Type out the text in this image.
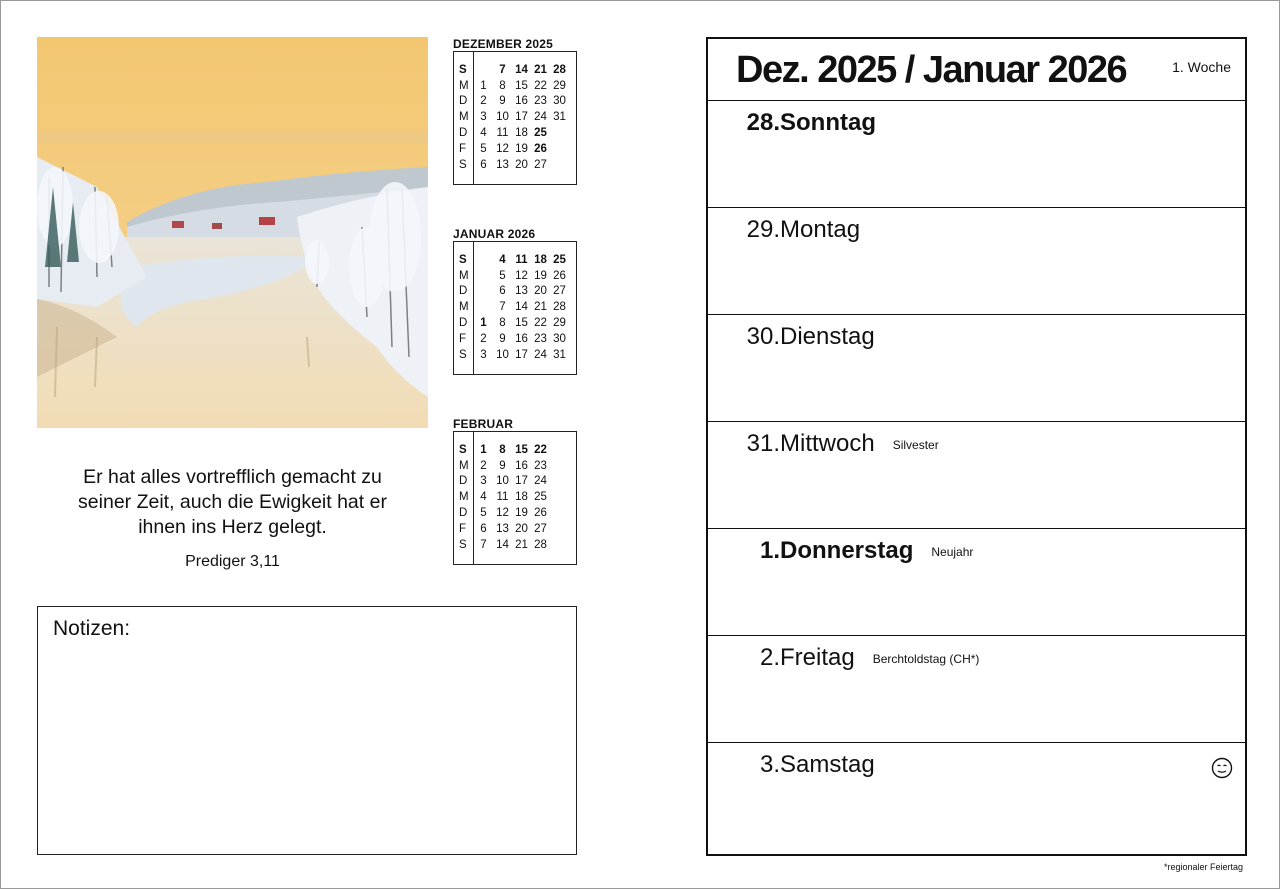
Er hat alles vortrefflich gemacht zu
seiner Zeit, auch die Ewigkeit hat er
ihnen ins Herz gelegt.
Prediger 3,11
DEZEMBER 2025
S		7	14	21	28
M	1	8	15	22	29
D	2	9	16	23	30
M	3	10	17	24	31
D	4	11	18	25	
F	5	12	19	26	
S	6	13	20	27	
JANUAR 2026
S		4	11	18	25
M		5	12	19	26
D		6	13	20	27
M		7	14	21	28
D	1	8	15	22	29
F	2	9	16	23	30
S	3	10	17	24	31
FEBRUAR
S	1	8	15	22
M	2	9	16	23
D	3	10	17	24
M	4	11	18	25
D	5	12	19	26
F	6	13	20	27
S	7	14	21	28
Notizen:
Dez. 2025 / Januar 2026	1. Woche
28. Sonntag
29. Montag
30. Dienstag
31. Mittwoch Silvester
1. Donnerstag Neujahr
2. Freitag Berchtoldstag (CH*)
3. Samstag
*regionaler Feiertag
